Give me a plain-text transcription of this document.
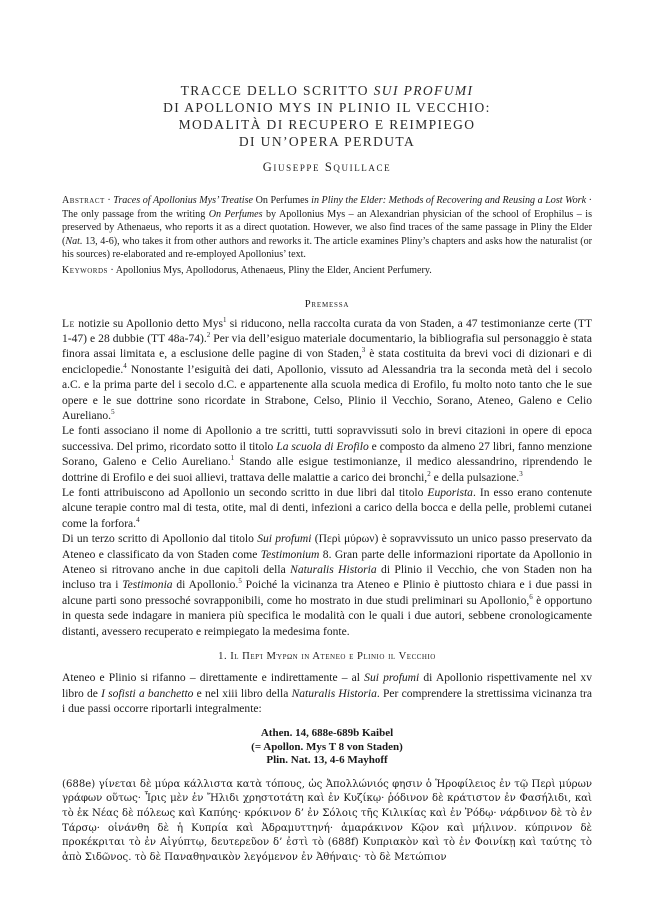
TRACCE DELLO SCRITTO SUI PROFUMI
DI APOLLONIO MYS IN PLINIO IL VECCHIO:
MODALITÀ DI RECUPERO E REIMPIEGO
DI UN’OPERA PERDUTA
Giuseppe Squillace
Abstract · Traces of Apollonius Mys’ Treatise On Perfumes in Pliny the Elder: Methods of Recovering and Reusing a Lost Work · The only passage from the writing On Perfumes by Apollonius Mys – an Alexandrian physician of the school of Erophilus – is preserved by Athenaeus, who reports it as a direct quotation. However, we also find traces of the same passage in Pliny the Elder (Nat. 13, 4-6), who takes it from other authors and reworks it. The article examines Pliny’s chapters and asks how the naturalist (or his sources) re-elaborated and re-employed Apollonius’ text.
Keywords · Apollonius Mys, Apollodorus, Athenaeus, Pliny the Elder, Ancient Perfumery.
Premessa

Le notizie su Apollonio detto Mys$^1$ si riducono, nella raccolta curata da von Staden, a 47 testimonianze certe (TT 1-47) e 28 dubbie (TT 48a-74).$^2$ Per via dell’esiguo materiale documentario, la bibliografia sul personaggio è stata finora assai limitata e, a esclusione delle pagine di von Staden,$^3$ è stata costituita da brevi voci di dizionari e di enciclopedie.$^4$ Nonostante l’esiguità dei dati, Apollonio, vissuto ad Alessandria tra la seconda metà del i secolo a.C. e la prima parte del i secolo d.C. e appartenente alla scuola medica di Erofilo, fu molto noto tanto che le sue opere e le sue dottrine sono ricordate in Strabone, Celso, Plinio il Vecchio, Sorano, Ateneo, Galeno e Celio Aureliano.$^5$

Le fonti associano il nome di Apollonio a tre scritti, tutti sopravvissuti solo in brevi citazioni in opere di epoca successiva. Del primo, ricordato sotto il titolo La scuola di Erofilo e composto da almeno 27 libri, fanno menzione Sorano, Galeno e Celio Aureliano.$^1$ Stando alle esigue testimonianze, il medico alessandrino, riprendendo le dottrine di Erofilo e dei suoi allievi, trattava delle malattie a carico dei bronchi,$^2$ e della pulsazione.$^3$

Le fonti attribuiscono ad Apollonio un secondo scritto in due libri dal titolo Euporista. In esso erano contenute alcune terapie contro mal di testa, otite, mal di denti, infezioni a carico della bocca e della pelle, problemi cutanei come la forfora.$^4$

Di un terzo scritto di Apollonio dal titolo Sui profumi (Περὶ μύρων) è sopravvissuto un unico passo preservato da Ateneo e classificato da von Staden come Testimonium 8. Gran parte delle informazioni riportate da Apollonio in Ateneo si ritrovano anche in due capitoli della Naturalis Historia di Plinio il Vecchio, che von Staden non ha incluso tra i Testimonia di Apollonio.$^5$ Poiché la vicinanza tra Ateneo e Plinio è piuttosto chiara e i due passi in alcune parti sono pressoché sovrapponibili, come ho mostrato in due studi preliminari su Apollonio,$^6$ è opportuno in questa sede indagare in maniera più specifica le modalità con le quali i due autori, sebbene cronologicamente distanti, avessero recuperato e reimpiegato la medesima fonte.

1. Il Περὶ Μύρων in Ateneo e Plinio il Vecchio

Ateneo e Plinio si rifanno – direttamente e indirettamente – al Sui profumi di Apollonio rispettivamente nel xv libro de I sofisti a banchetto e nel xiii libro della Naturalis Historia. Per comprendere la strettissima vicinanza tra i due passi occorre riportarli integralmente:

Athen. 14, 688e-689b Kaibel
(= Apollon. Mys T 8 von Staden)
Plin. Nat. 13, 4-6 Mayhoff
(688e) γίνεται δὲ μύρα κάλλιστα κατὰ τόπους, ὡς Ἀπολλώνιός φησιν ὁ Ἡροφίλειος ἐν τῷ Περὶ μύρων γράφων οὕτως· Ἶρις μὲν ἐν Ἤλιδι χρηστοτάτη καὶ ἐν Κυζίκῳ· ῥόδινον δὲ κράτιστον ἐν Φασήλιδι, καὶ τὸ ἐκ Νέας δὲ πόλεως καὶ Καπύης· κρόκινον δ’ ἐν Σόλοις τῆς Κιλικίας καὶ ἐν Ῥόδῳ· νάρδινον δὲ τὸ ἐν Τάρσῳ· οἰνάνθη δὲ ἡ Κυπρία καὶ Ἀδραμυττηνή· ἀμαράκινον Κῷον καὶ μήλινον. κύπρινον δὲ προκέκριται τὸ ἐν Αἰγύπτῳ, δευτερεῦον δ’ ἐστὶ τὸ (688f) Κυπριακὸν καὶ τὸ ἐν Φοινίκῃ καὶ ταύτης τὸ ἀπὸ Σιδῶνος. τὸ δὲ Παναθηναικὸν λεγόμενον ἐν Ἀθήναις· τὸ δὲ Μετώπιον
